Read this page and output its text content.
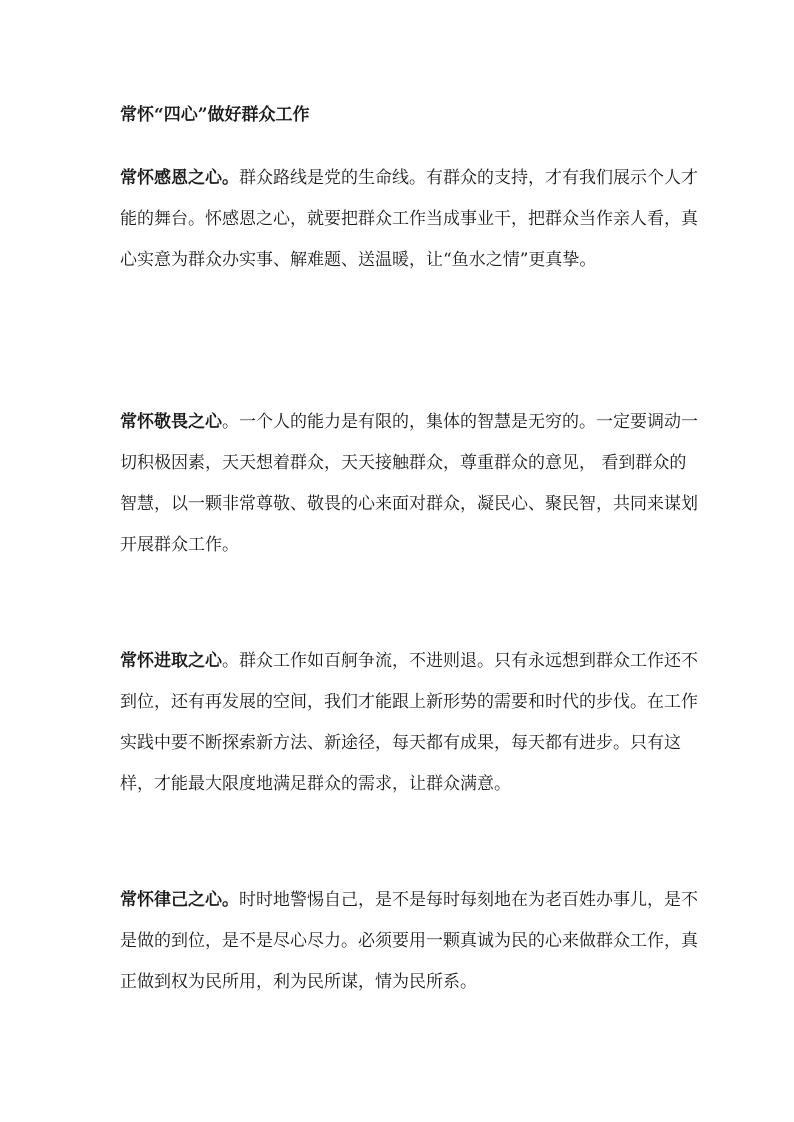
常怀“四心”做好群众工作

常怀感恩之心。群众路线是党的生命线。有群众的支持，才有我们展示个人才能的舞台。怀感恩之心，就要把群众工作当成事业干，把群众当作亲人看，真心实意为群众办实事、解难题、送温暖，让“鱼水之情”更真挚。

常怀敬畏之心。一个人的能力是有限的，集体的智慧是无穷的。一定要调动一切积极因素，天天想着群众，天天接触群众，尊重群众的意见， 看到群众的智慧，以一颗非常尊敬、敬畏的心来面对群众，凝民心、聚民智，共同来谋划开展群众工作。

常怀进取之心。群众工作如百舸争流，不进则退。只有永远想到群众工作还不到位，还有再发展的空间，我们才能跟上新形势的需要和时代的步伐。在工作实践中要不断探索新方法、新途径，每天都有成果，每天都有进步。只有这样，才能最大限度地满足群众的需求，让群众满意。

常怀律己之心。时时地警惕自己，是不是每时每刻地在为老百姓办事儿，是不是做的到位，是不是尽心尽力。必须要用一颗真诚为民的心来做群众工作，真正做到权为民所用，利为民所谋，情为民所系。
